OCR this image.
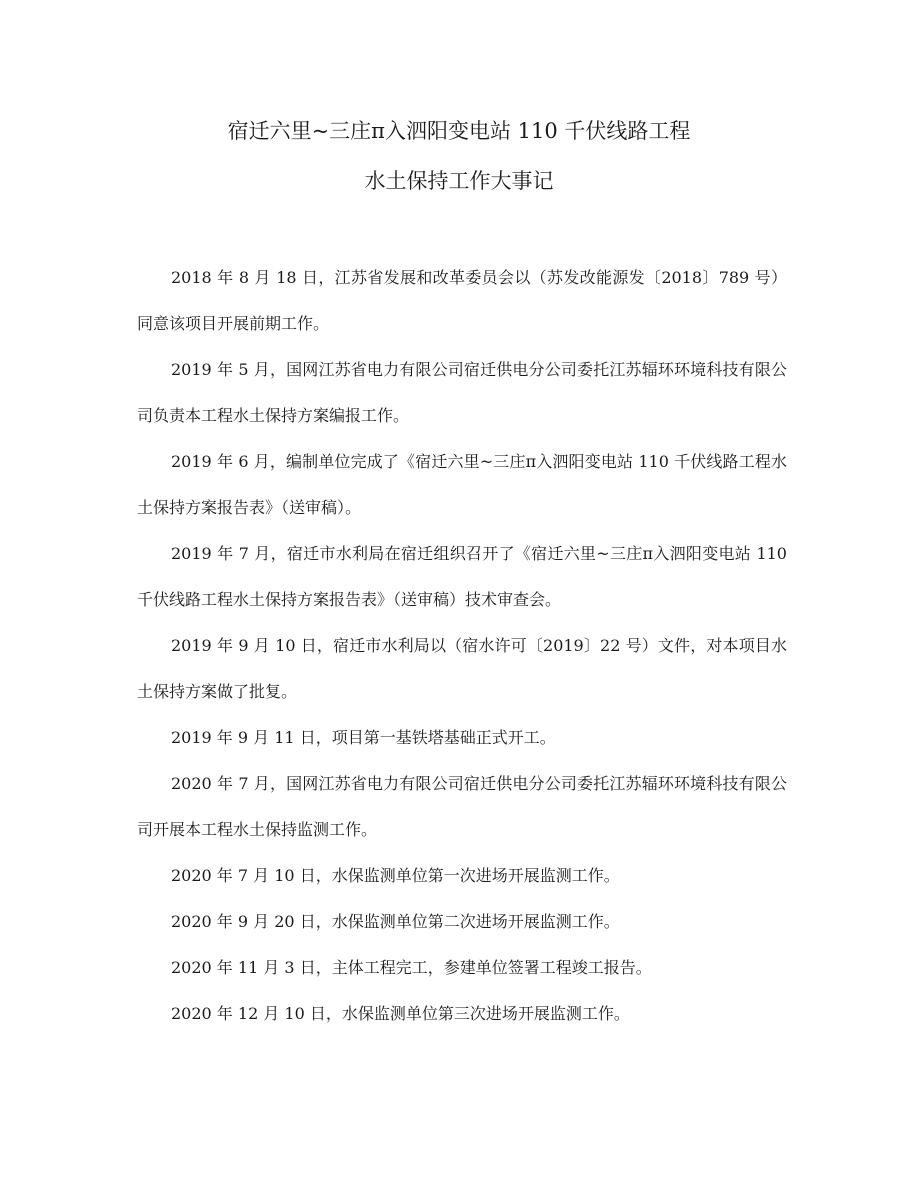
宿迁六里~三庄π入泗阳变电站 110 千伏线路工程
水土保持工作大事记

2018 年 8 月 18 日，江苏省发展和改革委员会以（苏发改能源发〔2018〕789 号）同意该项目开展前期工作。

2019 年 5 月，国网江苏省电力有限公司宿迁供电分公司委托江苏辐环环境科技有限公司负责本工程水土保持方案编报工作。

2019 年 6 月，编制单位完成了《宿迁六里~三庄π入泗阳变电站 110 千伏线路工程水土保持方案报告表》（送审稿）。

2019 年 7 月，宿迁市水利局在宿迁组织召开了《宿迁六里~三庄π入泗阳变电站 110 千伏线路工程水土保持方案报告表》（送审稿）技术审查会。

2019 年 9 月 10 日，宿迁市水利局以（宿水许可〔2019〕22 号）文件，对本项目水土保持方案做了批复。

2019 年 9 月 11 日，项目第一基铁塔基础正式开工。

2020 年 7 月，国网江苏省电力有限公司宿迁供电分公司委托江苏辐环环境科技有限公司开展本工程水土保持监测工作。

2020 年 7 月 10 日，水保监测单位第一次进场开展监测工作。

2020 年 9 月 20 日，水保监测单位第二次进场开展监测工作。

2020 年 11 月 3 日，主体工程完工，参建单位签署工程竣工报告。

2020 年 12 月 10 日，水保监测单位第三次进场开展监测工作。
